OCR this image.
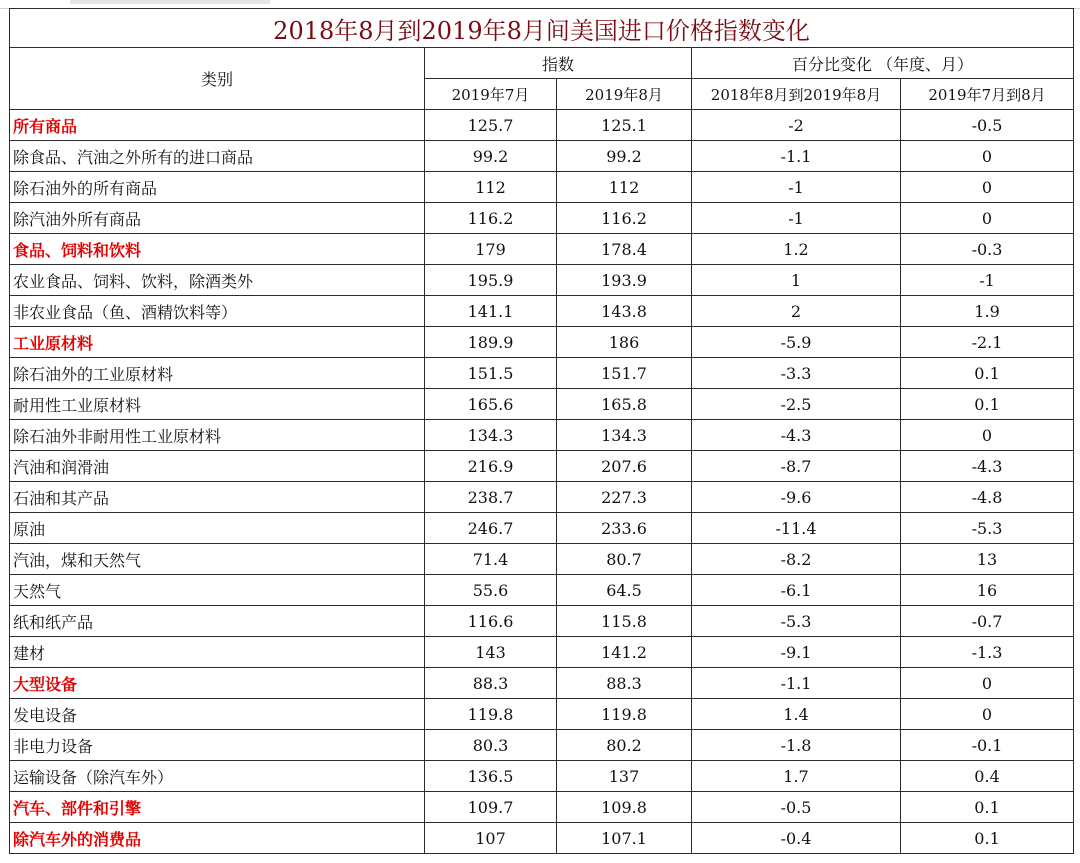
2018年8月到2019年8月间美国进口价格指数变化				
类别	指数		百分比变化 （年度、月）	
	2019年7月	2019年8月	2018年8月到2019年8月	2019年7月到8月
所有商品	125.7	125.1	-2	-0.5
除食品、汽油之外所有的进口商品	99.2	99.2	-1.1	0
除石油外的所有商品	112	112	-1	0
除汽油外所有商品	116.2	116.2	-1	0
食品、饲料和饮料	179	178.4	1.2	-0.3
农业食品、饲料、饮料，除酒类外	195.9	193.9	1	-1
非农业食品（鱼、酒精饮料等）	141.1	143.8	2	1.9
工业原材料	189.9	186	-5.9	-2.1
除石油外的工业原材料	151.5	151.7	-3.3	0.1
耐用性工业原材料	165.6	165.8	-2.5	0.1
除石油外非耐用性工业原材料	134.3	134.3	-4.3	0
汽油和润滑油	216.9	207.6	-8.7	-4.3
石油和其产品	238.7	227.3	-9.6	-4.8
原油	246.7	233.6	-11.4	-5.3
汽油，煤和天然气	71.4	80.7	-8.2	13
天然气	55.6	64.5	-6.1	16
纸和纸产品	116.6	115.8	-5.3	-0.7
建材	143	141.2	-9.1	-1.3
大型设备	88.3	88.3	-1.1	0
发电设备	119.8	119.8	1.4	0
非电力设备	80.3	80.2	-1.8	-0.1
运输设备（除汽车外）	136.5	137	1.7	0.4
汽车、部件和引擎	109.7	109.8	-0.5	0.1
除汽车外的消费品	107	107.1	-0.4	0.1
